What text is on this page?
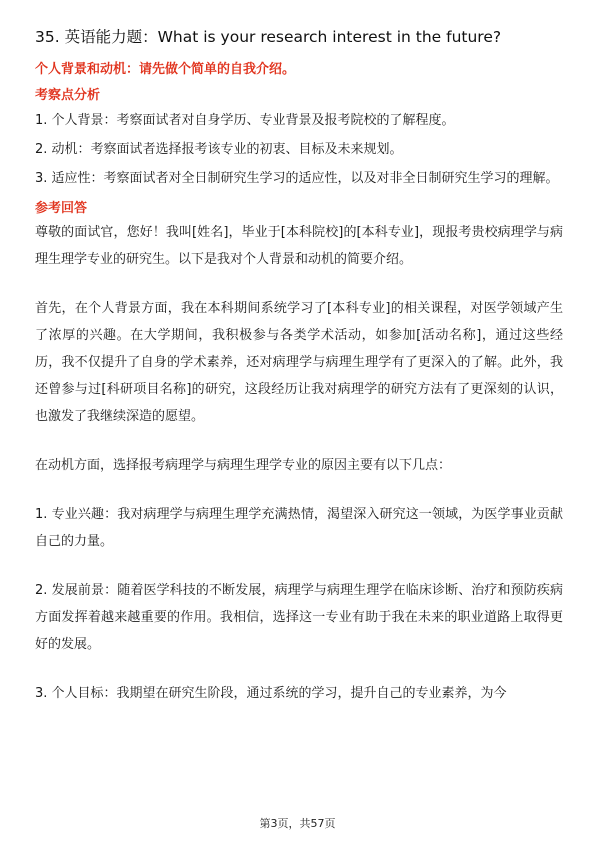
35. 英语能力题：What is your research interest in the future?
个人背景和动机：请先做个简单的自我介绍。
考察点分析
1. 个人背景：考察面试者对自身学历、专业背景及报考院校的了解程度。
2. 动机：考察面试者选择报考该专业的初衷、目标及未来规划。
3. 适应性：考察面试者对全日制研究生学习的适应性，以及对非全日制研究生学习的理解。
参考回答
尊敬的面试官，您好！我叫[姓名]，毕业于[本科院校]的[本科专业]，现报考贵校病理学与病理生理学专业的研究生。以下是我对个人背景和动机的简要介绍。
首先，在个人背景方面，我在本科期间系统学习了[本科专业]的相关课程，对医学领域产生了浓厚的兴趣。在大学期间，我积极参与各类学术活动，如参加[活动名称]，通过这些经历，我不仅提升了自身的学术素养，还对病理学与病理生理学有了更深入的了解。此外，我还曾参与过[科研项目名称]的研究，这段经历让我对病理学的研究方法有了更深刻的认识，也激发了我继续深造的愿望。
在动机方面，选择报考病理学与病理生理学专业的原因主要有以下几点：
1. 专业兴趣：我对病理学与病理生理学充满热情，渴望深入研究这一领域，为医学事业贡献自己的力量。
2. 发展前景：随着医学科技的不断发展，病理学与病理生理学在临床诊断、治疗和预防疾病方面发挥着越来越重要的作用。我相信，选择这一专业有助于我在未来的职业道路上取得更好的发展。
3. 个人目标：我期望在研究生阶段，通过系统的学习，提升自己的专业素养，为今
第3页，共57页
